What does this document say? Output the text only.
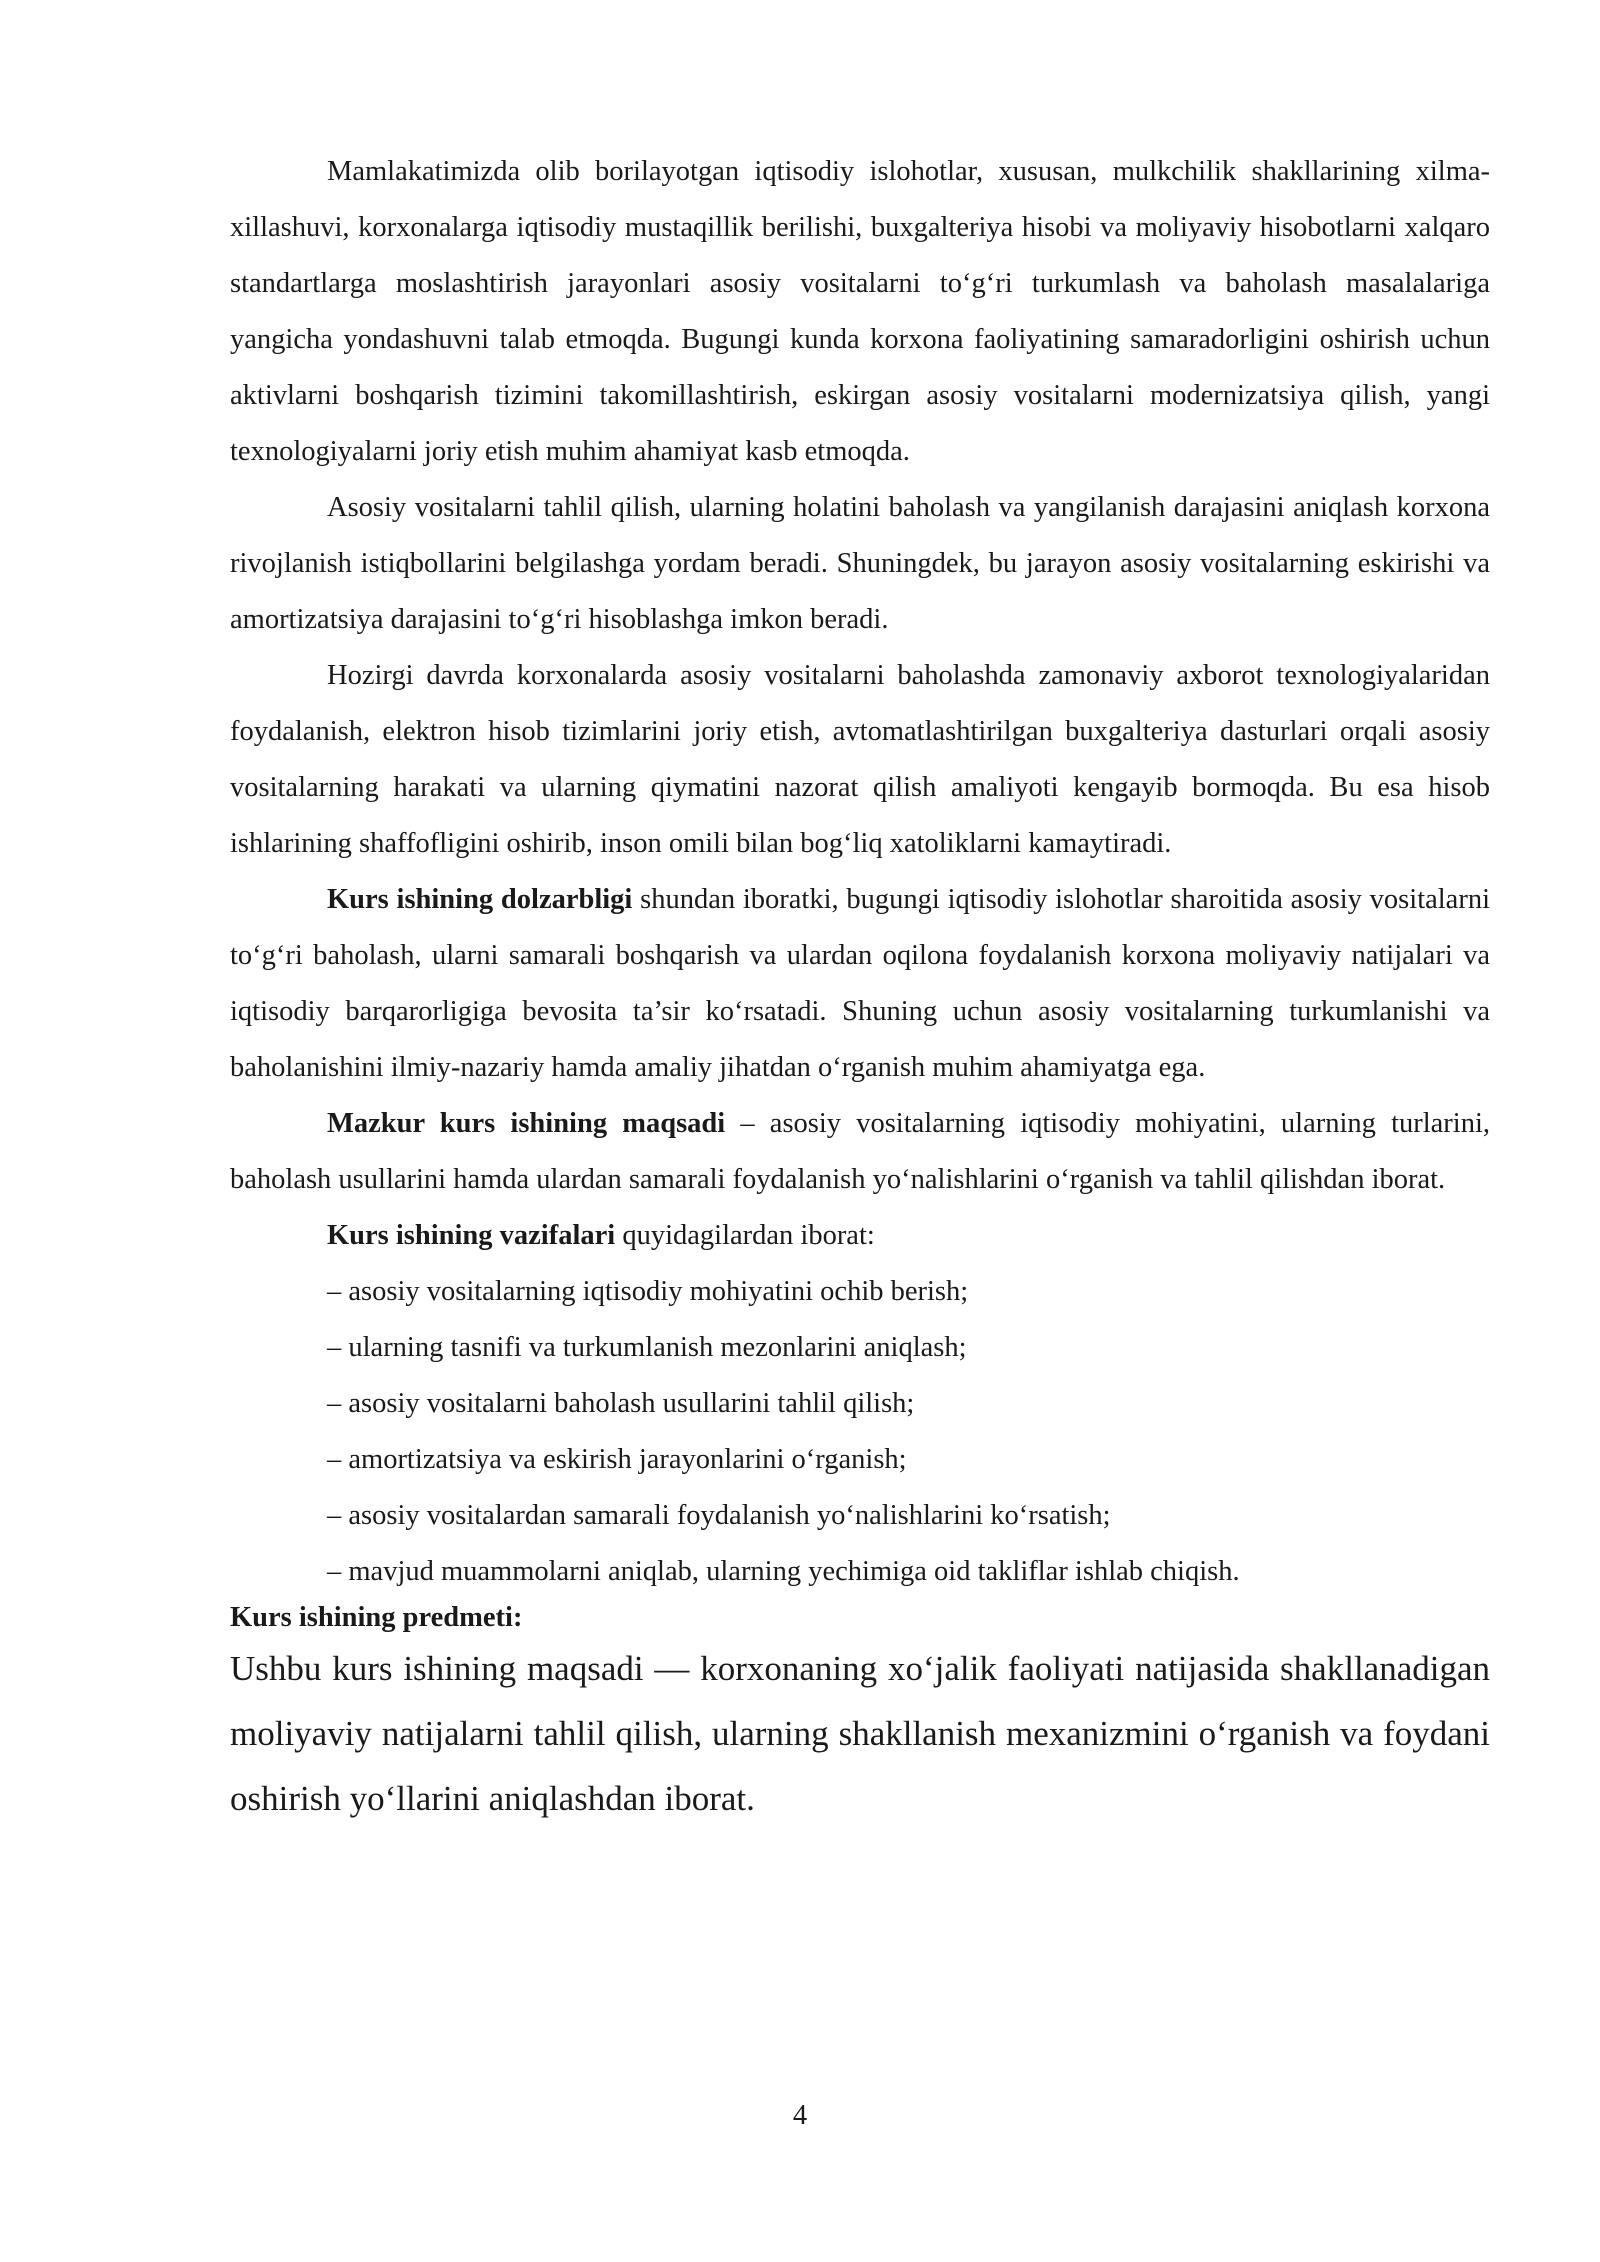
Mamlakatimizda olib borilayotgan iqtisodiy islohotlar, xususan, mulkchilik shakllarining xilma-xillashuvi, korxonalarga iqtisodiy mustaqillik berilishi, buxgalteriya hisobi va moliyaviy hisobotlarni xalqaro standartlarga moslashtirish jarayonlari asosiy vositalarni to‘g‘ri turkumlash va baholash masalalariga yangicha yondashuvni talab etmoqda. Bugungi kunda korxona faoliyatining samaradorligini oshirish uchun aktivlarni boshqarish tizimini takomillashtirish, eskirgan asosiy vositalarni modernizatsiya qilish, yangi texnologiyalarni joriy etish muhim ahamiyat kasb etmoqda.

Asosiy vositalarni tahlil qilish, ularning holatini baholash va yangilanish darajasini aniqlash korxona rivojlanish istiqbollarini belgilashga yordam beradi. Shuningdek, bu jarayon asosiy vositalarning eskirishi va amortizatsiya darajasini to‘g‘ri hisoblashga imkon beradi.

Hozirgi davrda korxonalarda asosiy vositalarni baholashda zamonaviy axborot texnologiyalaridan foydalanish, elektron hisob tizimlarini joriy etish, avtomatlashtirilgan buxgalteriya dasturlari orqali asosiy vositalarning harakati va ularning qiymatini nazorat qilish amaliyoti kengayib bormoqda. Bu esa hisob ishlarining shaffofligini oshirib, inson omili bilan bog‘liq xatoliklarni kamaytiradi.

Kurs ishining dolzarbligi shundan iboratki, bugungi iqtisodiy islohotlar sharoitida asosiy vositalarni to‘g‘ri baholash, ularni samarali boshqarish va ulardan oqilona foydalanish korxona moliyaviy natijalari va iqtisodiy barqarorligiga bevosita ta’sir ko‘rsatadi. Shuning uchun asosiy vositalarning turkumlanishi va baholanishini ilmiy-nazariy hamda amaliy jihatdan o‘rganish muhim ahamiyatga ega.

Mazkur kurs ishining maqsadi – asosiy vositalarning iqtisodiy mohiyatini, ularning turlarini, baholash usullarini hamda ulardan samarali foydalanish yo‘nalishlarini o‘rganish va tahlil qilishdan iborat.

Kurs ishining vazifalari quyidagilardan iborat:

– asosiy vositalarning iqtisodiy mohiyatini ochib berish;
– ularning tasnifi va turkumlanish mezonlarini aniqlash;
– asosiy vositalarni baholash usullarini tahlil qilish;
– amortizatsiya va eskirish jarayonlarini o‘rganish;
– asosiy vositalardan samarali foydalanish yo‘nalishlarini ko‘rsatish;
– mavjud muammolarni aniqlab, ularning yechimiga oid takliflar ishlab chiqish.

Kurs ishining predmeti:

Ushbu kurs ishining maqsadi — korxonaning xo‘jalik faoliyati natijasida shakllanadigan moliyaviy natijalarni tahlil qilish, ularning shakllanish mexanizmini o‘rganish va foydani oshirish yo‘llarini aniqlashdan iborat.

4
